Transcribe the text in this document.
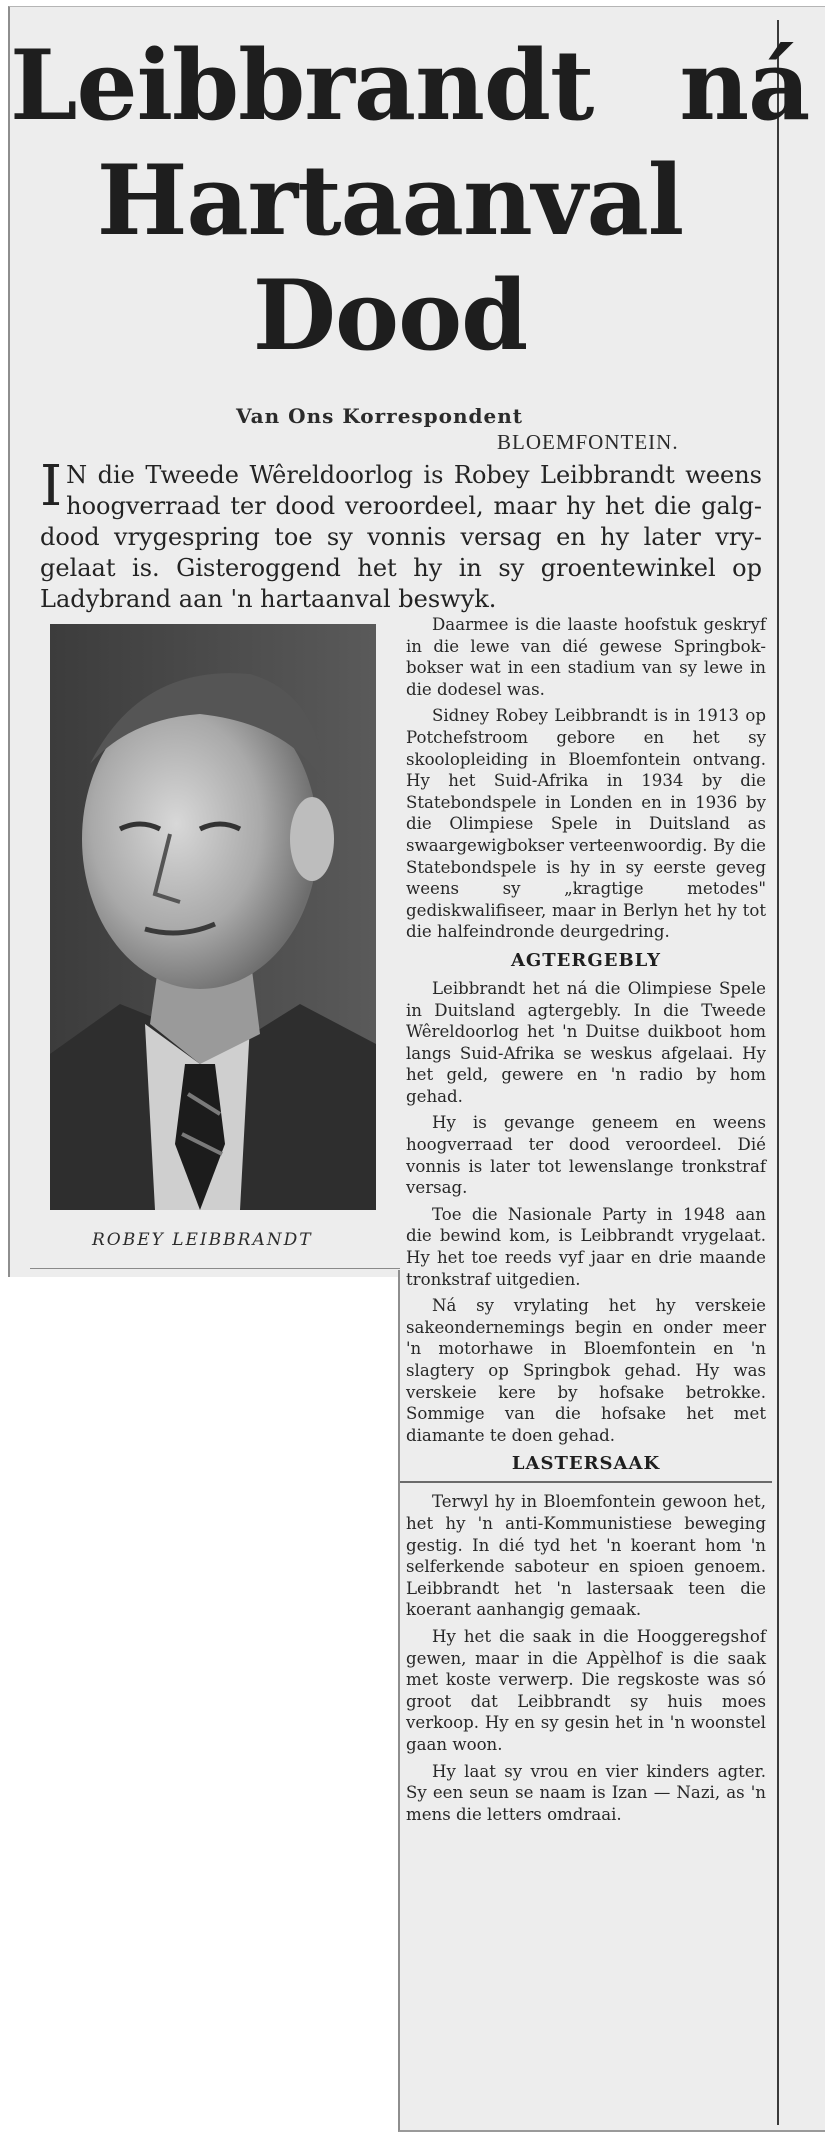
Leibbrandt ná
Hartaanval
Dood
Van Ons Korrespondent
BLOEMFONTEIN.

I N die Tweede Wêreldoorlog is Robey Leibbrandt weens hoogverraad ter dood veroordeel, maar hy het die galg-dood vrygespring toe sy vonnis versag en hy later vry-gelaat is. Gisteroggend het hy in sy groentewinkel op Ladybrand aan 'n hartaanval beswyk.

ROBEY LEIBBRANDT

Daarmee is die laaste hoofstuk geskryf in die lewe van dié gewese Springbok-bokser wat in een stadium van sy lewe in die dodesel was.

Sidney Robey Leibbrandt is in 1913 op Potchefstroom gebore en het sy skoolopleiding in Bloemfontein ontvang. Hy het Suid-Afrika in 1934 by die Statebondspele in Londen en in 1936 by die Olimpiese Spele in Duitsland as swaargewigbokser verteenwoordig. By die Statebondspele is hy in sy eerste geveg weens sy „kragtige metodes" gediskwalifiseer, maar in Berlyn het hy tot die halfeindronde deurgedring.

AGTERGEBLY

Leibbrandt het ná die Olimpiese Spele in Duitsland agtergebly. In die Tweede Wêreldoorlog het 'n Duitse duikboot hom langs Suid-Afrika se weskus afgelaai. Hy het geld, gewere en 'n radio by hom gehad.

Hy is gevange geneem en weens hoogverraad ter dood veroordeel. Dié vonnis is later tot lewenslange tronkstraf versag.

Toe die Nasionale Party in 1948 aan die bewind kom, is Leibbrandt vrygelaat. Hy het toe reeds vyf jaar en drie maande tronkstraf uitgedien.

Ná sy vrylating het hy verskeie sakeondernemings begin en onder meer 'n motorhawe in Bloemfontein en 'n slagtery op Springbok gehad. Hy was verskeie kere by hofsake betrokke. Sommige van die hofsake het met diamante te doen gehad.

LASTERSAAK

Terwyl hy in Bloemfontein gewoon het, het hy 'n anti-Kommunistiese beweging gestig. In dié tyd het 'n koerant hom 'n selferkende saboteur en spioen genoem. Leibbrandt het 'n lastersaak teen die koerant aanhangig gemaak.

Hy het die saak in die Hooggeregshof gewen, maar in die Appèlhof is die saak met koste verwerp. Die regskoste was só groot dat Leibbrandt sy huis moes verkoop. Hy en sy gesin het in 'n woonstel gaan woon.

Hy laat sy vrou en vier kinders agter. Sy een seun se naam is Izan — Nazi, as 'n mens die letters omdraai.
